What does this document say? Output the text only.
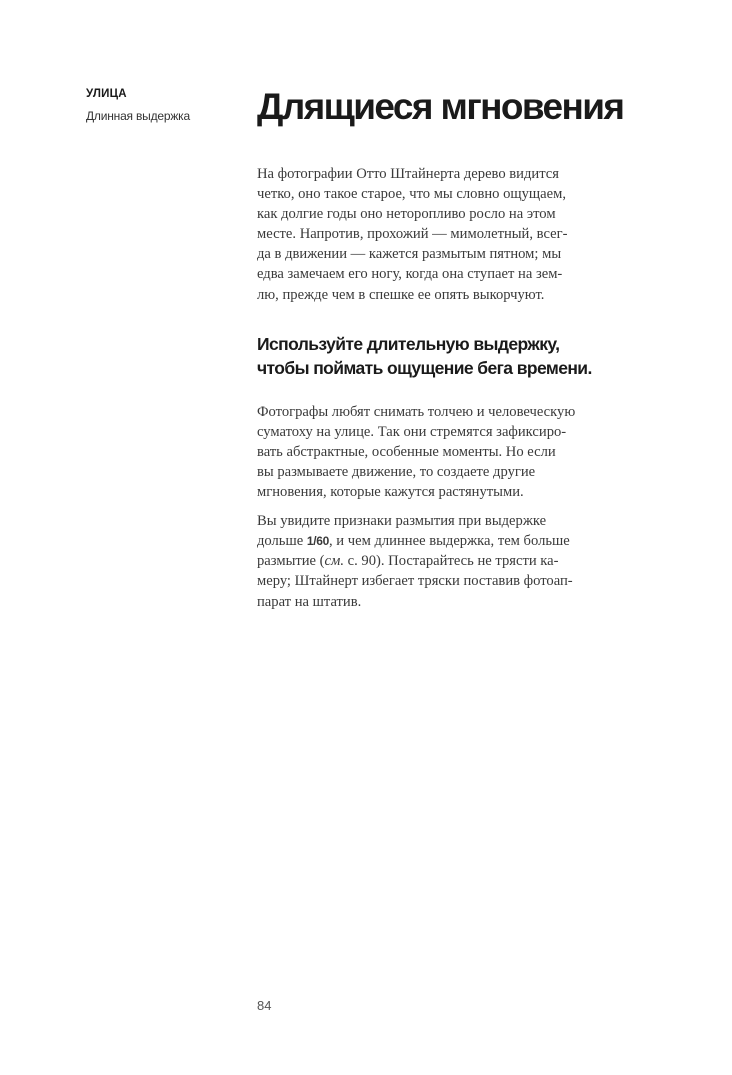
УЛИЦА
Длинная выдержка	Длящиеся мгновения

На фотографии Отто Штайнерта дерево видится
четко, оно такое старое, что мы словно ощущаем,
как долгие годы оно неторопливо росло на этом
месте. Напротив, прохожий — мимолетный, всег-
да в движении — кажется размытым пятном; мы
едва замечаем его ногу, когда она ступает на зем-
лю, прежде чем в спешке ее опять выкорчуют.

Используйте длительную выдержку,
чтобы поймать ощущение бега времени.

Фотографы любят снимать толчею и человеческую
суматоху на улице. Так они стремятся зафиксиро-
вать абстрактные, особенные моменты. Но если
вы размываете движение, то создаете другие
мгновения, которые кажутся растянутыми.

Вы увидите признаки размытия при выдержке
дольше 1/60, и чем длиннее выдержка, тем больше
размытие (см. с. 90). Постарайтесь не трясти ка-
меру; Штайнерт избегает тряски поставив фотоап-
парат на штатив.

84
